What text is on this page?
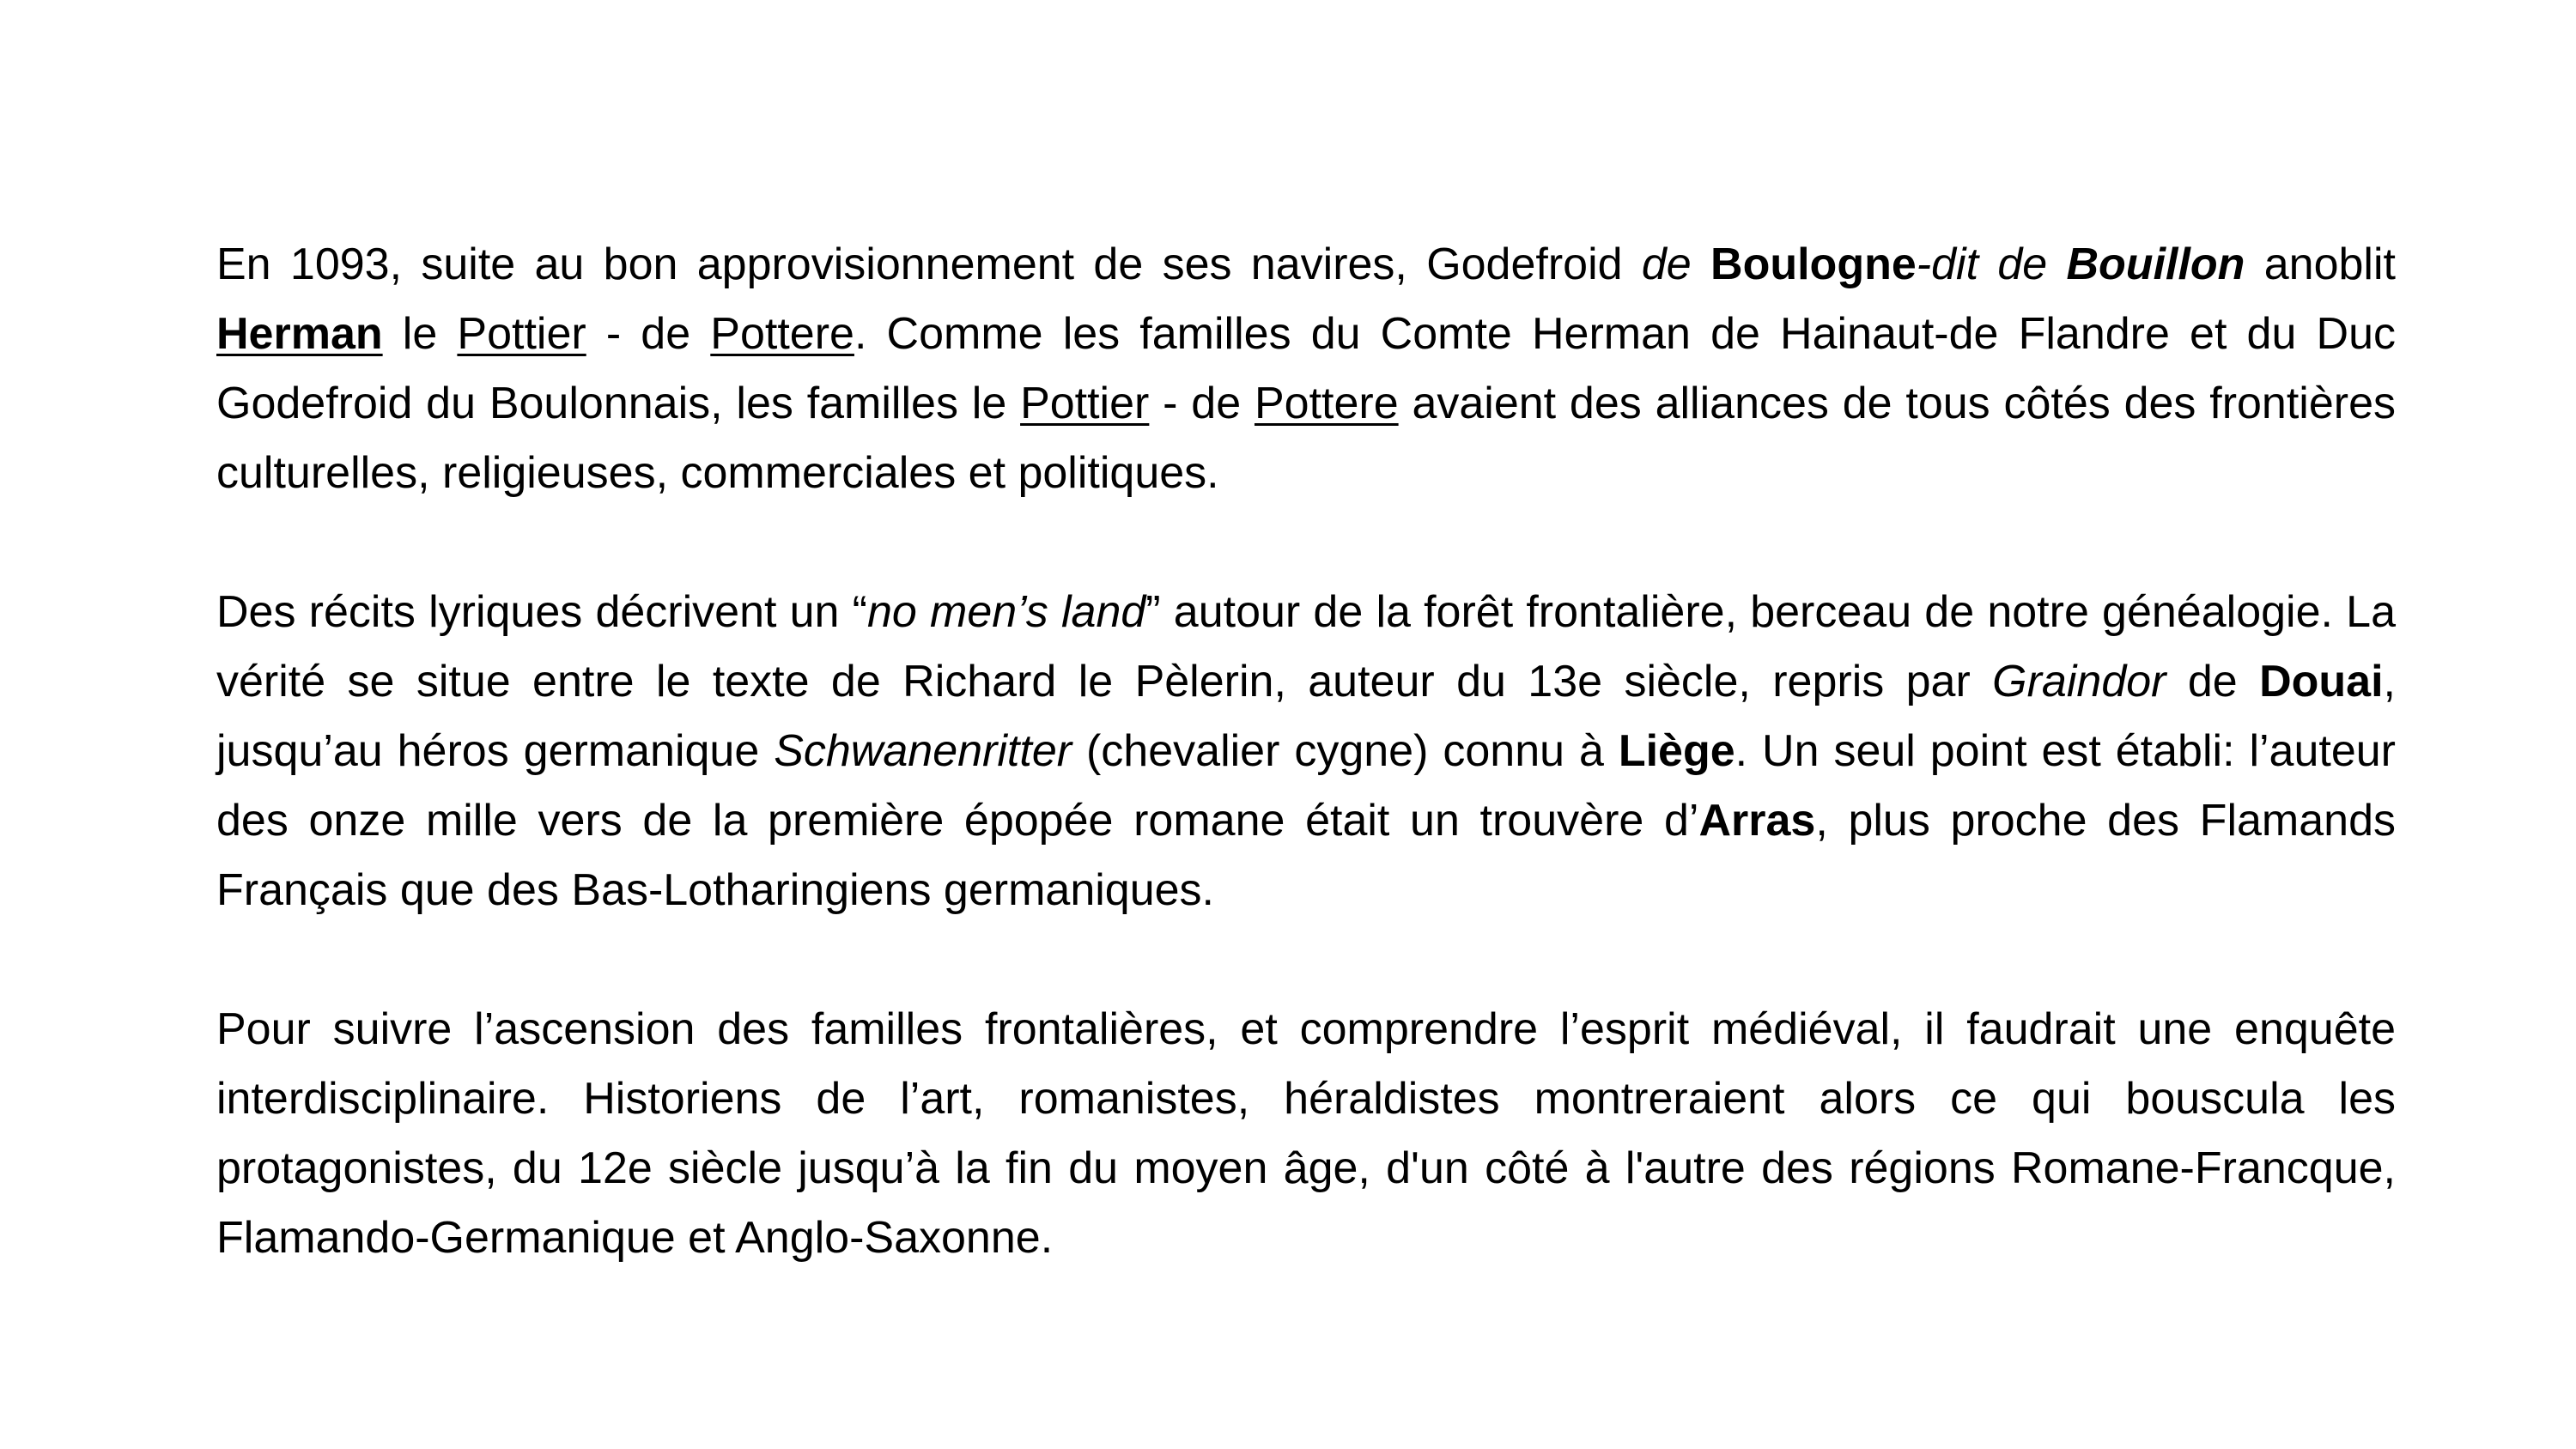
En 1093, suite au bon approvisionnement de ses navires, Godefroid de Boulogne-dit de Bouillon anoblit Herman le Pottier - de Pottere. Comme les familles du Comte Herman de Hainaut-de Flandre et du Duc Godefroid du Boulonnais, les familles le Pottier - de Pottere avaient des alliances de tous côtés des frontières culturelles, religieuses, commerciales et politiques.

Des récits lyriques décrivent un “no men’s land” autour de la forêt frontalière, berceau de notre généalogie. La vérité se situe entre le texte de Richard le Pèlerin, auteur du 13e siècle, repris par Graindor de Douai, jusqu’au héros germanique Schwanenritter (chevalier cygne) connu à Liège. Un seul point est établi: l’auteur des onze mille vers de la première épopée romane était un trouvère d’Arras, plus proche des Flamands Français que des Bas-Lotharingiens germaniques.

Pour suivre l’ascension des familles frontalières, et comprendre l’esprit médiéval, il faudrait une enquête interdisciplinaire. Historiens de l’art, romanistes, héraldistes montreraient alors ce qui bouscula les protagonistes, du 12e siècle jusqu’à la fin du moyen âge, d'un côté à l'autre des régions Romane-Francque, Flamando-Germanique et Anglo-Saxonne.
